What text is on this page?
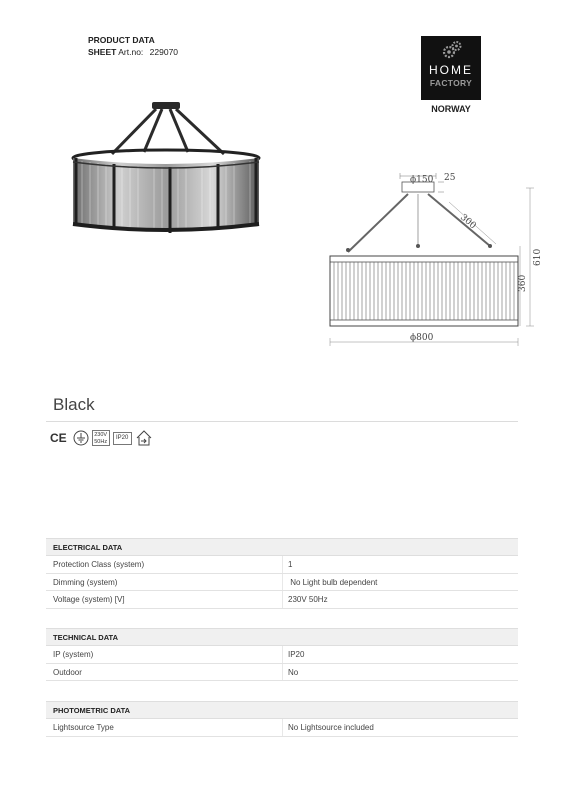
PRODUCT DATA
SHEET Art.no: 229070
HOME
FACTORY
NORWAY
ϕ150 25
300
610
360
ϕ800
Black
CE	230V
50Hz
IP20
ELECTRICAL DATA
Protection Class (system)	1
Dimming (system)	No Light bulb dependent
Voltage (system) [V]	230V 50Hz
TECHNICAL DATA
IP (system)	IP20
Outdoor	No
PHOTOMETRIC DATA
Lightsource Type	No Lightsource included
